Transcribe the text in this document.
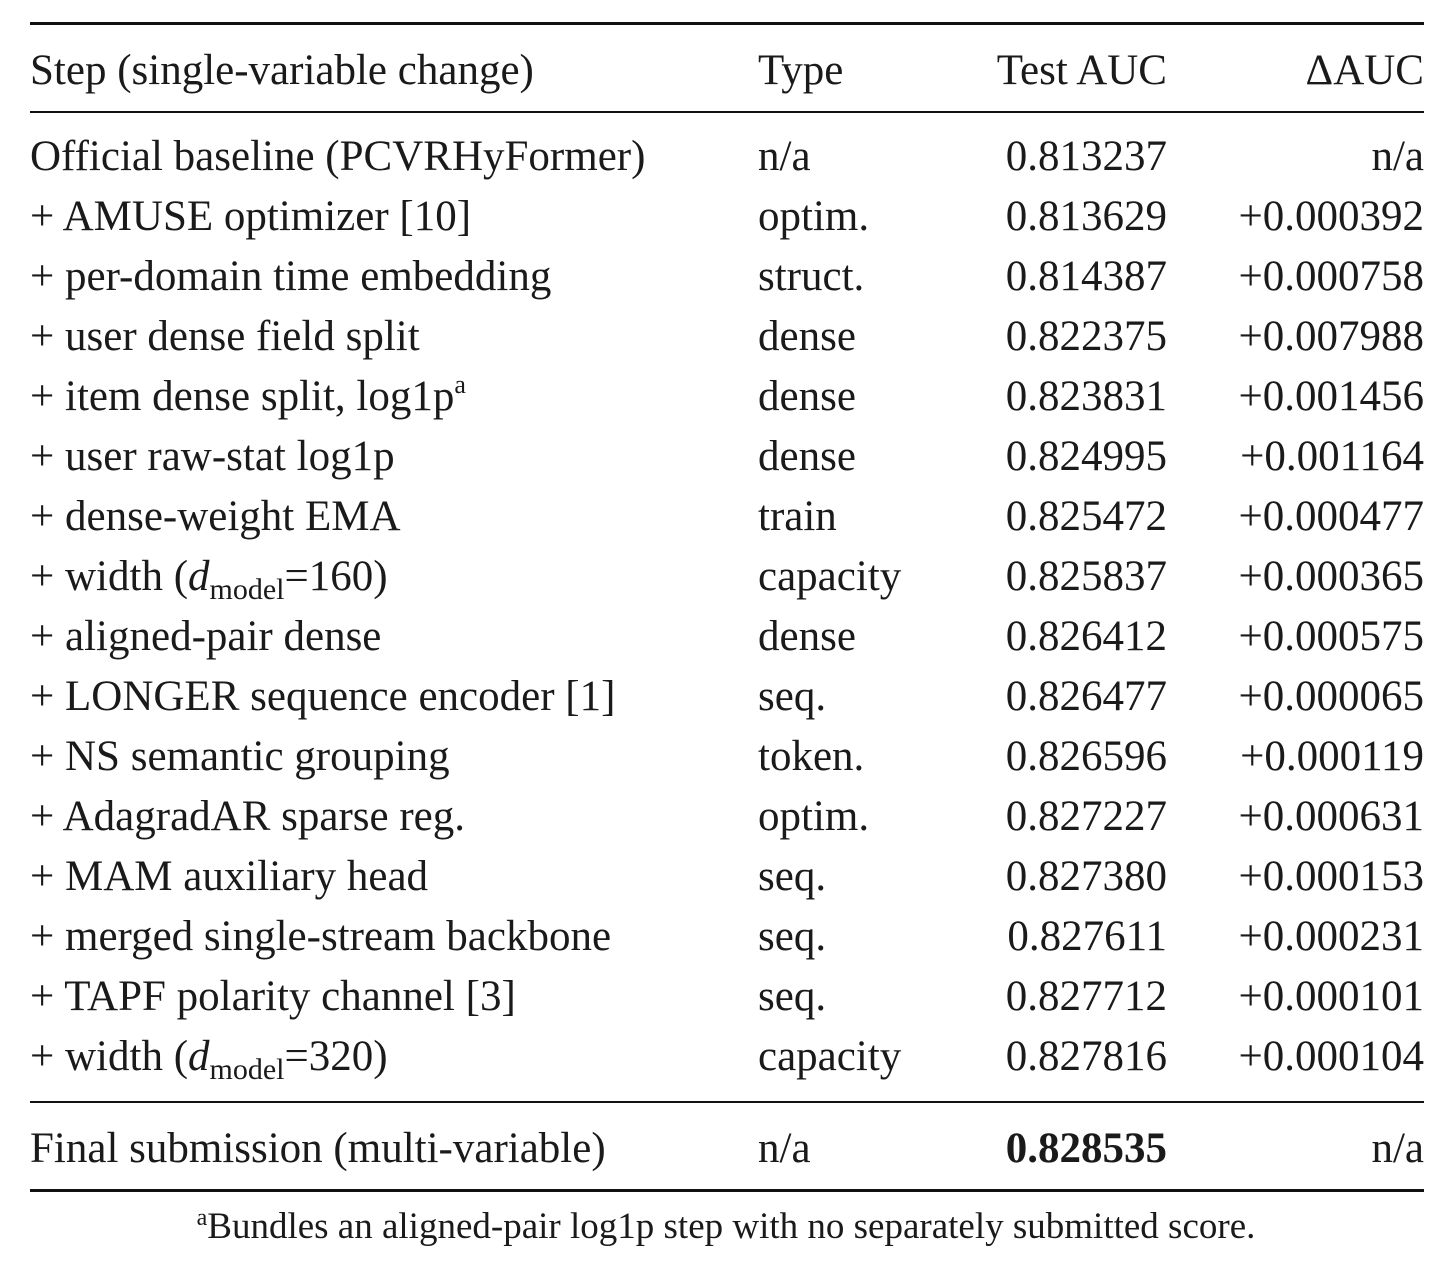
Step (single-variable change)	Type	Test AUC	ΔAUC
Official baseline (PCVRHyFormer)	n/a	0.813237	n/a
+ AMUSE optimizer [10]	optim.	0.813629 +0.000392
+ per-domain time embedding	struct.	0.814387 +0.000758
+ user dense field split	dense	0.822375 +0.007988
+ item dense split, log1p$^a$	dense	0.823831 +0.001456
+ user raw-stat log1p	dense	0.824995 +0.001164
+ dense-weight EMA	train	0.825472 +0.000477
+ width $(d_{model}=160)$	capacity 0.825837 +0.000365
+ aligned-pair dense	dense	0.826412 +0.000575
+ LONGER sequence encoder [1]	seq.	0.826477 +0.000065
+ NS semantic grouping	token.	0.826596 +0.000119
+ AdagradAR sparse reg.	optim.	0.827227 +0.000631
+ MAM auxiliary head	seq.	0.827380 +0.000153
+ merged single-stream backbone	seq.	0.827611 +0.000231
+ TAPF polarity channel [3]	seq.	0.827712 +0.000101
+ width $(d_{model}=320)$	capacity 0.827816 +0.000104
Final submission (multi-variable)	n/a	0.828535	n/a
$^a$Bundles an aligned-pair log1p step with no separately submitted score.
